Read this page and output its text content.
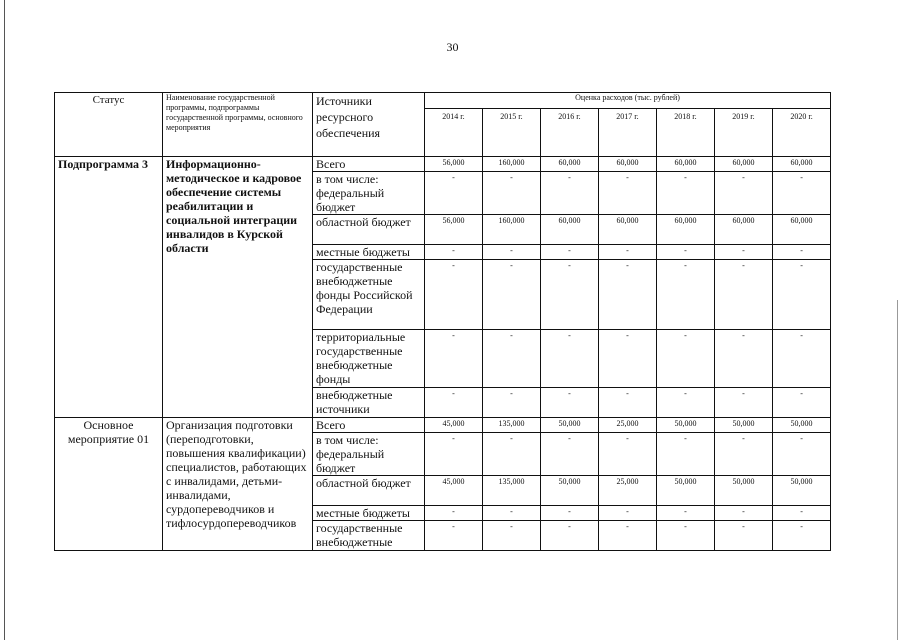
30
Статус	Наименование государственной программы, подпрограммы государственной программы, основного мероприятия	Источники ресурсного обеспечения	Оценка расходов (тыс. рублей)						
			2014 г.	2015 г.	2016 г.	2017 г.	2018 г.	2019 г.	2020 г.
Подпрограмма 3	Информационно-методическое и кадровое обеспечение системы реабилитации и социальной интеграции инвалидов в Курской области	Всего	56,000	160,000	60,000	60,000	60,000	60,000	60,000
		в том числе: федеральный бюджет	-	-	-	-	-	-	-
		областной бюджет	56,000	160,000	60,000	60,000	60,000	60,000	60,000
		местные бюджеты	-	-	-	-	-	-	-
		государственные внебюджетные фонды Российской Федерации	-	-	-	-	-	-	-
		территориальные государственные внебюджетные фонды	-	-	-	-	-	-	-
		внебюджетные источники	-	-	-	-	-	-	-
Основное мероприятие 01	Организация подготовки (переподготовки, повышения квалификации) специалистов, работающих с инвалидами, детьми-инвалидами, сурдопереводчиков и тифлосурдопереводчиков	Всего	45,000	135,000	50,000	25,000	50,000	50,000	50,000
		в том числе: федеральный бюджет	-	-	-	-	-	-	-
		областной бюджет	45,000	135,000	50,000	25,000	50,000	50,000	50,000
		местные бюджеты	-	-	-	-	-	-	-
		государственные внебюджетные	-	-	-	-	-	-	-
